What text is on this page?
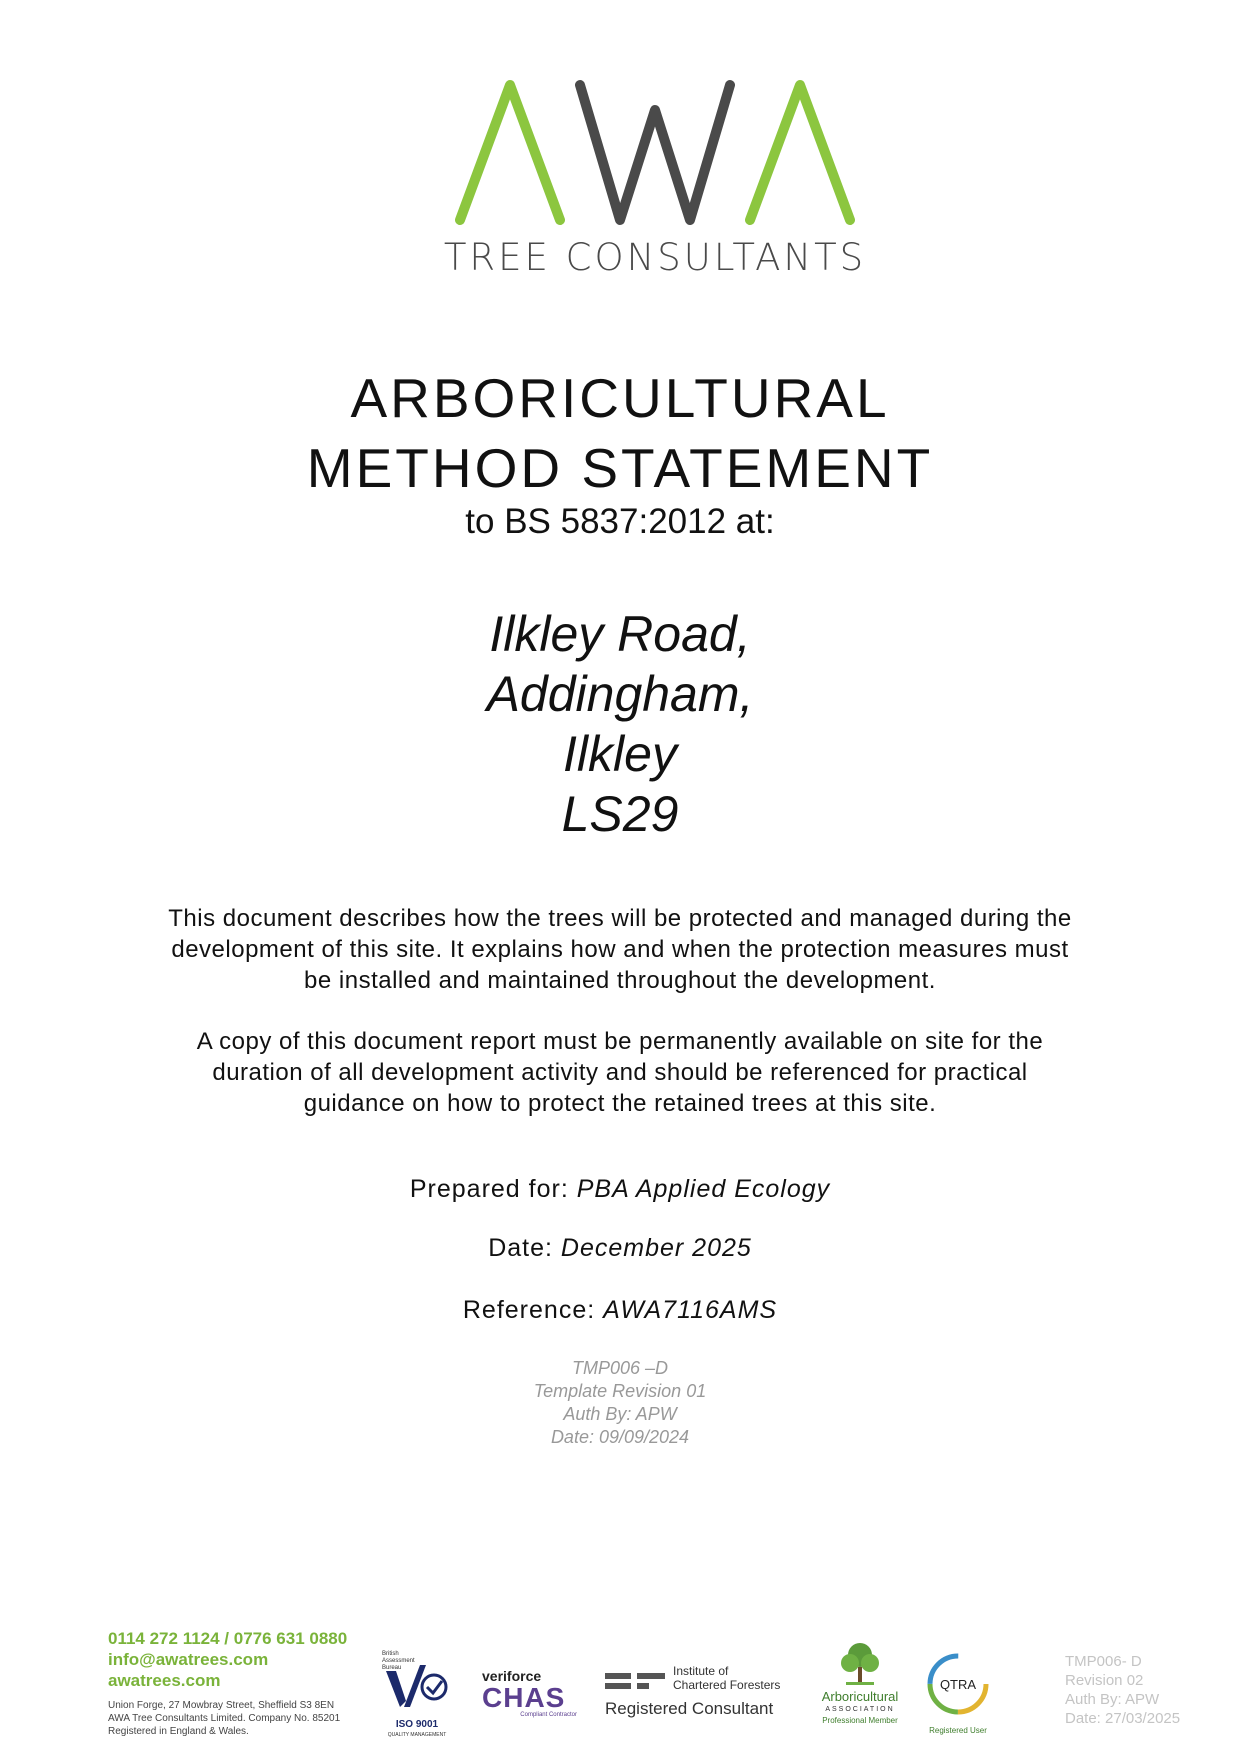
TREE CONSULTANTS
ARBORICULTURAL
METHOD STATEMENT
to BS 5837:2012 at:
Ilkley Road,
Addingham,
Ilkley
LS29
This document describes how the trees will be protected and managed during the
development of this site. It explains how and when the protection measures must
be installed and maintained throughout the development.
A copy of this document report must be permanently available on site for the
duration of all development activity and should be referenced for practical
guidance on how to protect the retained trees at this site.
Prepared for: PBA Applied Ecology
Date: December 2025
Reference: AWA7116AMS
TMP006 –D
Template Revision 01
Auth By: APW
Date: 09/09/2024
0114 272 1124 / 0776 631 0880
info@awatrees.com
awatrees.com
Union Forge, 27 Mowbray Street, Sheffield S3 8EN
AWA Tree Consultants Limited. Company No. 85201
Registered in England & Wales.
British Assessment Bureau
ISO 9001
QUALITY MANAGEMENT
veriforce
CHAS
Compliant Contractor
Institute of
Chartered Foresters
Registered Consultant
Arboricultural
ASSOCIATION
Professional Member
QTRA
Registered User
TMP006- D
Revision 02
Auth By: APW
Date: 27/03/2025
